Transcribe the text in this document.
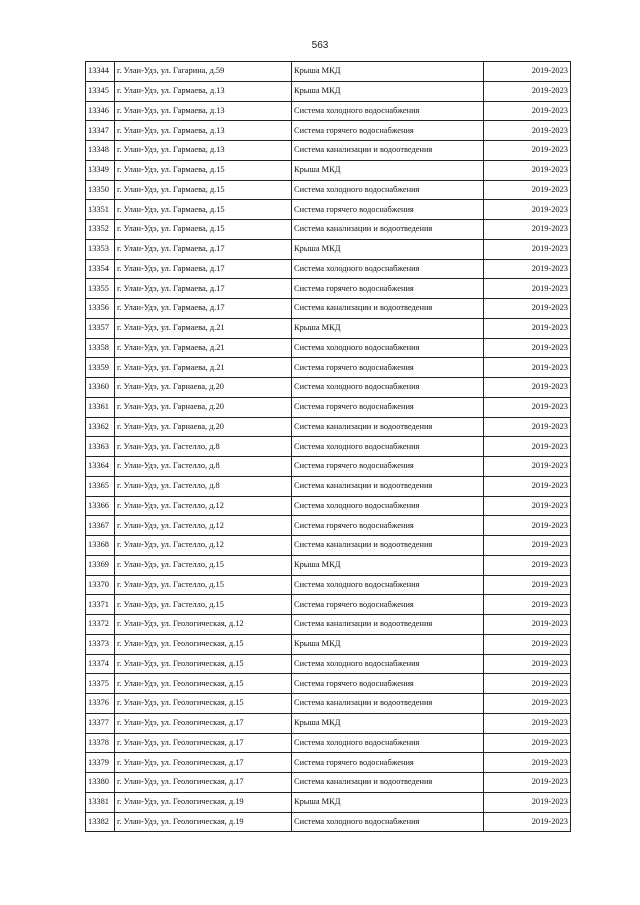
563
13344	г. Улан-Удэ, ул. Гагарина, д.59	Крыша МКД	2019-2023
13345	г. Улан-Удэ, ул. Гармаева, д.13	Крыша МКД	2019-2023
13346	г. Улан-Удэ, ул. Гармаева, д.13	Система холодного водоснабжения	2019-2023
13347	г. Улан-Удэ, ул. Гармаева, д.13	Система горячего водоснабжения	2019-2023
13348	г. Улан-Удэ, ул. Гармаева, д.13	Система канализации и водоотведения	2019-2023
13349	г. Улан-Удэ, ул. Гармаева, д.15	Крыша МКД	2019-2023
13350	г. Улан-Удэ, ул. Гармаева, д.15	Система холодного водоснабжения	2019-2023
13351	г. Улан-Удэ, ул. Гармаева, д.15	Система горячего водоснабжения	2019-2023
13352	г. Улан-Удэ, ул. Гармаева, д.15	Система канализации и водоотведения	2019-2023
13353	г. Улан-Удэ, ул. Гармаева, д.17	Крыша МКД	2019-2023
13354	г. Улан-Удэ, ул. Гармаева, д.17	Система холодного водоснабжения	2019-2023
13355	г. Улан-Удэ, ул. Гармаева, д.17	Система горячего водоснабжения	2019-2023
13356	г. Улан-Удэ, ул. Гармаева, д.17	Система канализации и водоотведения	2019-2023
13357	г. Улан-Удэ, ул. Гармаева, д.21	Крыша МКД	2019-2023
13358	г. Улан-Удэ, ул. Гармаева, д.21	Система холодного водоснабжения	2019-2023
13359	г. Улан-Удэ, ул. Гармаева, д.21	Система горячего водоснабжения	2019-2023
13360	г. Улан-Удэ, ул. Гарнаева, д.20	Система холодного водоснабжения	2019-2023
13361	г. Улан-Удэ, ул. Гарнаева, д.20	Система горячего водоснабжения	2019-2023
13362	г. Улан-Удэ, ул. Гарнаева, д.20	Система канализации и водоотведения	2019-2023
13363	г. Улан-Удэ, ул. Гастелло, д.8	Система холодного водоснабжения	2019-2023
13364	г. Улан-Удэ, ул. Гастелло, д.8	Система горячего водоснабжения	2019-2023
13365	г. Улан-Удэ, ул. Гастелло, д.8	Система канализации и водоотведения	2019-2023
13366	г. Улан-Удэ, ул. Гастелло, д.12	Система холодного водоснабжения	2019-2023
13367	г. Улан-Удэ, ул. Гастелло, д.12	Система горячего водоснабжения	2019-2023
13368	г. Улан-Удэ, ул. Гастелло, д.12	Система канализации и водоотведения	2019-2023
13369	г. Улан-Удэ, ул. Гастелло, д.15	Крыша МКД	2019-2023
13370	г. Улан-Удэ, ул. Гастелло, д.15	Система холодного водоснабжения	2019-2023
13371	г. Улан-Удэ, ул. Гастелло, д.15	Система горячего водоснабжения	2019-2023
13372	г. Улан-Удэ, ул. Геологическая, д.12	Система канализации и водоотведения	2019-2023
13373	г. Улан-Удэ, ул. Геологическая, д.15	Крыша МКД	2019-2023
13374	г. Улан-Удэ, ул. Геологическая, д.15	Система холодного водоснабжения	2019-2023
13375	г. Улан-Удэ, ул. Геологическая, д.15	Система горячего водоснабжения	2019-2023
13376	г. Улан-Удэ, ул. Геологическая, д.15	Система канализации и водоотведения	2019-2023
13377	г. Улан-Удэ, ул. Геологическая, д.17	Крыша МКД	2019-2023
13378	г. Улан-Удэ, ул. Геологическая, д.17	Система холодного водоснабжения	2019-2023
13379	г. Улан-Удэ, ул. Геологическая, д.17	Система горячего водоснабжения	2019-2023
13380	г. Улан-Удэ, ул. Геологическая, д.17	Система канализации и водоотведения	2019-2023
13381	г. Улан-Удэ, ул. Геологическая, д.19	Крыша МКД	2019-2023
13382	г. Улан-Удэ, ул. Геологическая, д.19	Система холодного водоснабжения	2019-2023
